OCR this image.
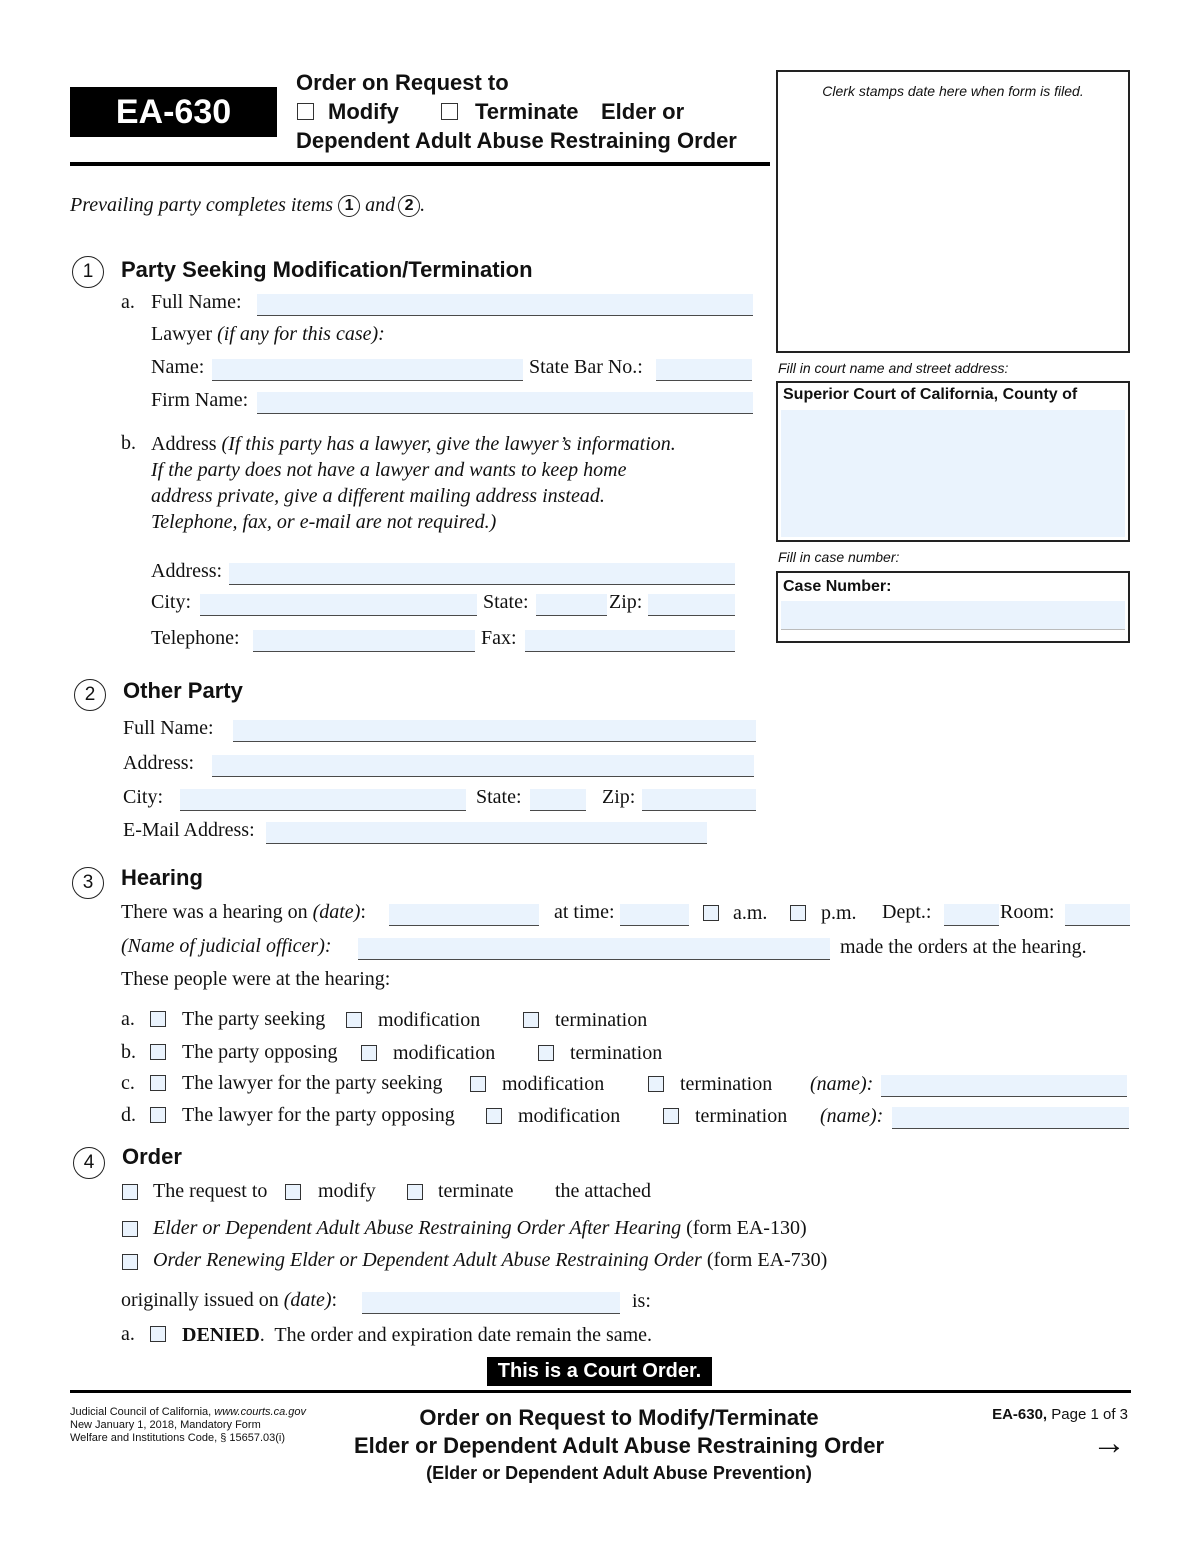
EA-630
Order on Request to
Modify	Terminate Elder or
Dependent Adult Abuse Restraining Order
Clerk stamps date here when form is filed.
Fill in court name and street address:
Superior Court of California, County of
Fill in case number:
Case Number:
Prevailing party completes items 1 and 2 .
1	Party Seeking Modification/Termination
a. Full Name:
Lawyer (if any for this case):
Name:	State Bar No.:
Firm Name:
b. Address (If this party has a lawyer, give the lawyer’s information.
If the party does not have a lawyer and wants to keep home
address private, give a different mailing address instead.
Telephone, fax, or e-mail are not required.)
Address:
City:	State:	Zip:
Telephone:	Fax:
2	Other Party
Full Name:
Address:
City:	State:	Zip:
E-Mail Address:
3	Hearing
There was a hearing on (date):	at time:	a.m.	p.m. Dept.:	Room:
(Name of judicial officer):	made the orders at the hearing.
These people were at the hearing:
a. The party seeking	modification	termination
b. The party opposing	modification	termination
c. The lawyer for the party seeking	modification	termination (name):
d. The lawyer for the party opposing	modification	termination (name):
4	Order
The request to	modify	terminate the attached
Elder or Dependent Adult Abuse Restraining Order After Hearing (form EA-130)
Order Renewing Elder or Dependent Adult Abuse Restraining Order (form EA-730)
originally issued on (date):	is:
a. DENIED.  The order and expiration date remain the same.
This is a Court Order.
Judicial Council of California, www.courts.ca.gov
New January 1, 2018, Mandatory Form
Welfare and Institutions Code, § 15657.03(i)
Order on Request to Modify/Terminate
Elder or Dependent Adult Abuse Restraining Order
(Elder or Dependent Adult Abuse Prevention)
EA-630, Page 1 of 3
→
